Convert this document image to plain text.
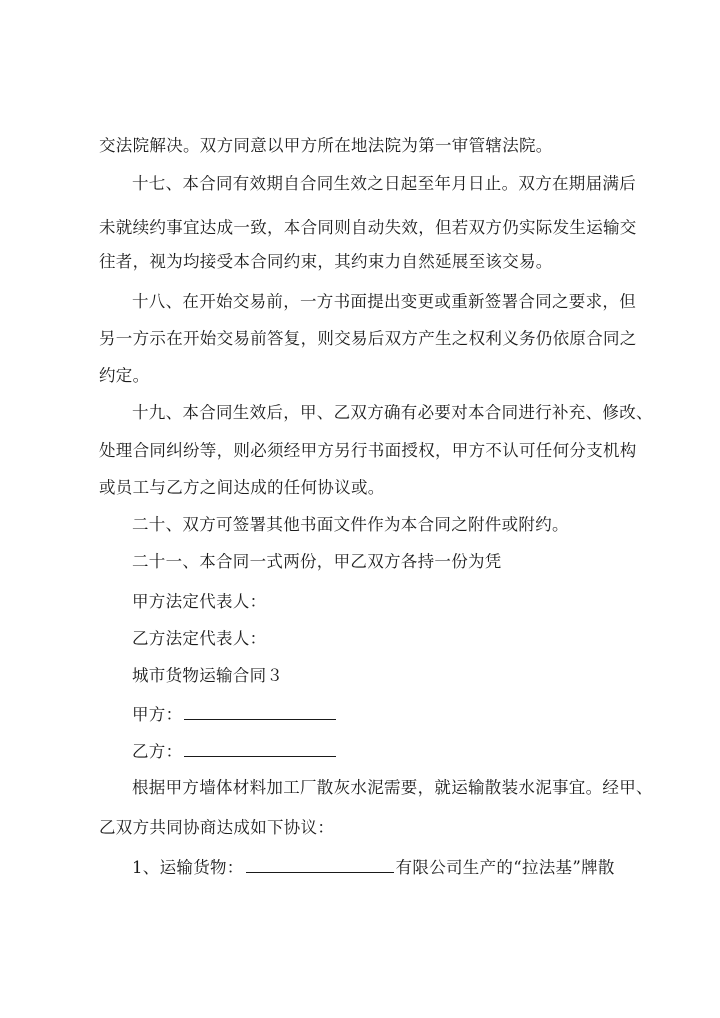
交法院解决。双方同意以甲方所在地法院为第一审管辖法院。
十七、本合同有效期自合同生效之日起至年月日止。双方在期届满后
未就续约事宜达成一致，本合同则自动失效，但若双方仍实际发生运输交
往者，视为均接受本合同约束，其约束力自然延展至该交易。
十八、在开始交易前，一方书面提出变更或重新签署合同之要求，但
另一方示在开始交易前答复，则交易后双方产生之权利义务仍依原合同之
约定。
十九、本合同生效后，甲、乙双方确有必要对本合同进行补充、修改、
处理合同纠纷等，则必须经甲方另行书面授权，甲方不认可任何分支机构
或员工与乙方之间达成的任何协议或。
二十、双方可签署其他书面文件作为本合同之附件或附约。
二十一、本合同一式两份，甲乙双方各持一份为凭
甲方法定代表人：
乙方法定代表人：
城市货物运输合同３
甲方：
乙方：
根据甲方墙体材料加工厂散灰水泥需要，就运输散装水泥事宜。经甲、
乙双方共同协商达成如下协议：
1、运输货物：	有限公司生产的“拉法基”牌散
